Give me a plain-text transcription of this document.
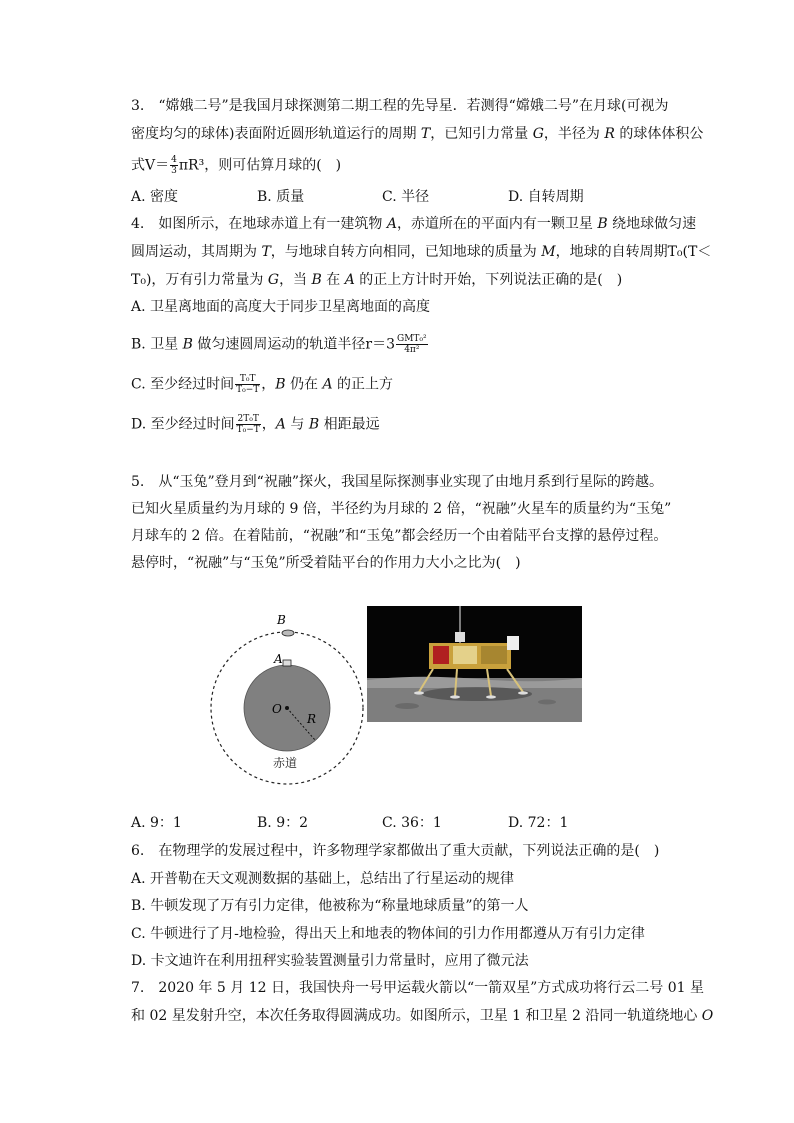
3.　“嫦娥二号”是我国月球探测第二期工程的先导星．若测得“嫦娥二号”在月球(可视为
密度均匀的球体)表面附近圆形轨道运行的周期 T，已知引力常量 G，半径为 R 的球体体积公
式$V= \frac{4}{3} \pi R^3$，则可估算月球的(　)
A. 密度	B. 质量	C. 半径	D. 自转周期
4.　如图所示，在地球赤道上有一建筑物 A，赤道所在的平面内有一颗卫星 B 绕地球做匀速
圆周运动，其周期为 T，与地球自转方向相同，已知地球的质量为 M，地球的自转周期T₀(T＜
T₀)，万有引力常量为 G，当 B 在 A 的正上方计时开始，下列说法正确的是(　)
A. 卫星离地面的高度大于同步卫星离地面的高度
B. 卫星 B 做匀速圆周运动的轨道半径$r=3 \frac{\text{GMT₀²}}{\text{4π²}}$
C. 至少经过时间 $\frac{\text{T₀T}}{\text{T₀−T}}$ ，B 仍在 A 的正上方
D. 至少经过时间 $\frac{\text{2T₀T}}{\text{T₀−T}}$ ，A 与 B 相距最远
5.　从“玉兔”登月到“祝融”探火，我国星际探测事业实现了由地月系到行星际的跨越。
已知火星质量约为月球的 9 倍，半径约为月球的 2 倍，“祝融”火星车的质量约为“玉兔”
月球车的 2 倍。在着陆前，“祝融”和“玉兔”都会经历一个由着陆平台支撑的悬停过程。
悬停时，“祝融”与“玉兔”所受着陆平台的作用力大小之比为(　)
B
A
O
R
赤道
A. 9：1	B. 9：2	C. 36：1	D. 72：1
6.　在物理学的发展过程中，许多物理学家都做出了重大贡献，下列说法正确的是(　)
A. 开普勒在天文观测数据的基础上，总结出了行星运动的规律
B. 牛顿发现了万有引力定律，他被称为“称量地球质量”的第一人
C. 牛顿进行了月-地检验，得出天上和地表的物体间的引力作用都遵从万有引力定律
D. 卡文迪许在利用扭秤实验装置测量引力常量时，应用了微元法
7.　2020 年 5 月 12 日，我国快舟一号甲运载火箭以“一箭双星”方式成功将行云二号 01 星
和 02 星发射升空，本次任务取得圆满成功。如图所示，卫星 1 和卫星 2 沿同一轨道绕地心 O
